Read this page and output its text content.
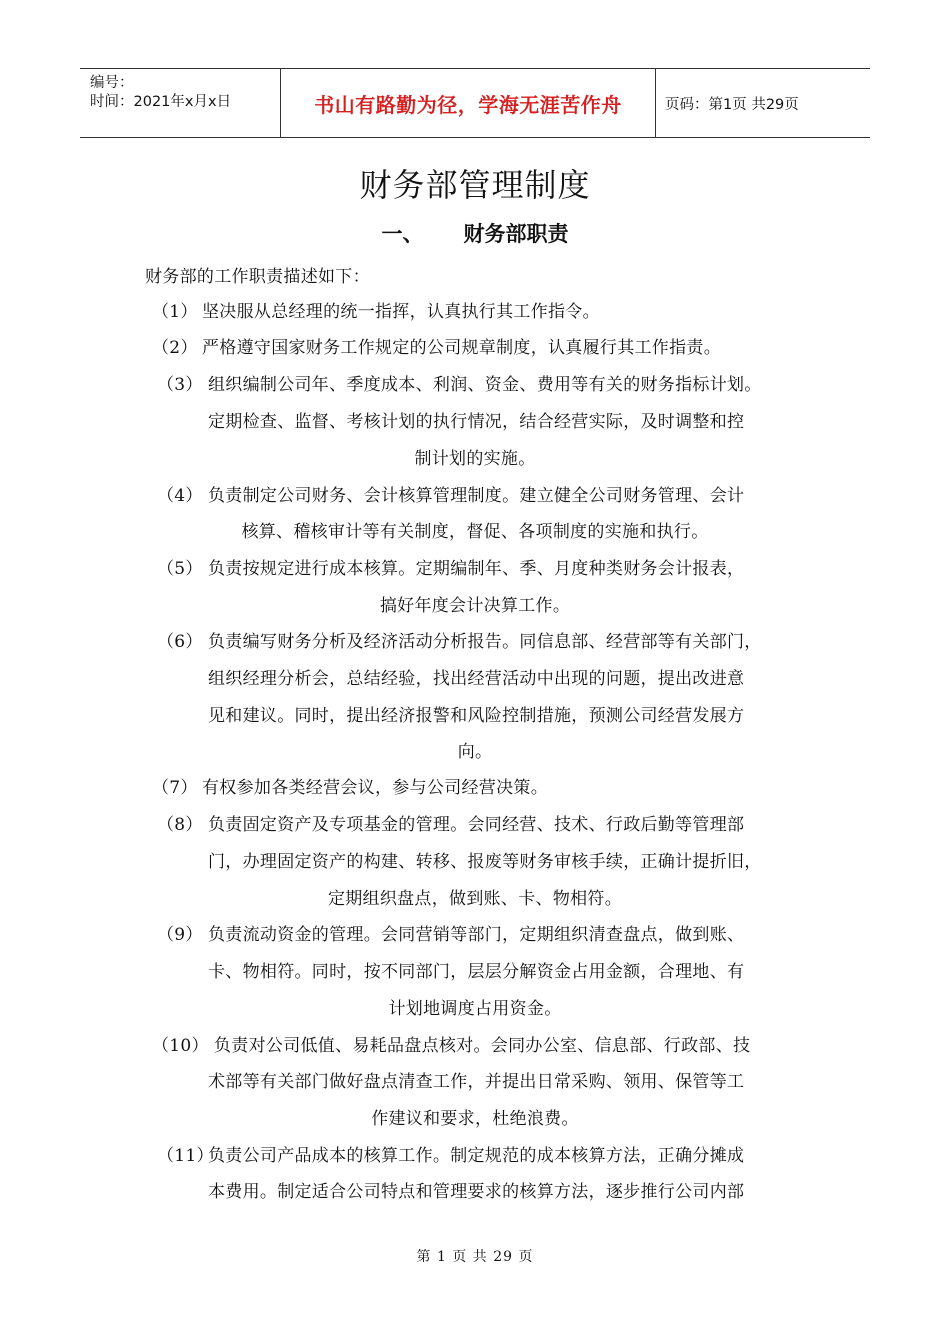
编号：
时间：2021年x月x日	书山有路勤为径，学海无涯苦作舟	页码：第1页 共29页
财务部管理制度
一、 财务部职责
财务部的工作职责描述如下：
（1） 坚决服从总经理的统一指挥，认真执行其工作指令。
（2） 严格遵守国家财务工作规定的公司规章制度，认真履行其工作指责。
（3） 组织编制公司年、季度成本、利润、资金、费用等有关的财务指标计划。
定期检查、监督、考核计划的执行情况，结合经营实际，及时调整和控
制计划的实施。
（4） 负责制定公司财务、会计核算管理制度。建立健全公司财务管理、会计
核算、稽核审计等有关制度，督促、各项制度的实施和执行。
（5） 负责按规定进行成本核算。定期编制年、季、月度种类财务会计报表，
搞好年度会计决算工作。
（6） 负责编写财务分析及经济活动分析报告。同信息部、经营部等有关部门，
组织经理分析会，总结经验，找出经营活动中出现的问题，提出改进意
见和建议。同时，提出经济报警和风险控制措施，预测公司经营发展方
向。
（7） 有权参加各类经营会议，参与公司经营决策。
（8） 负责固定资产及专项基金的管理。会同经营、技术、行政后勤等管理部
门，办理固定资产的构建、转移、报废等财务审核手续，正确计提折旧，
定期组织盘点，做到账、卡、物相符。
（9） 负责流动资金的管理。会同营销等部门，定期组织清查盘点，做到账、
卡、物相符。同时，按不同部门，层层分解资金占用金额，合理地、有
计划地调度占用资金。
（10） 负责对公司低值、易耗品盘点核对。会同办公室、信息部、行政部、技
术部等有关部门做好盘点清查工作，并提出日常采购、领用、保管等工
作建议和要求，杜绝浪费。
（11）
负责公司产品成本的核算工作。制定规范的成本核算方法，正确分摊成
本费用。制定适合公司特点和管理要求的核算方法，逐步推行公司内部
第 1 页 共 29 页
